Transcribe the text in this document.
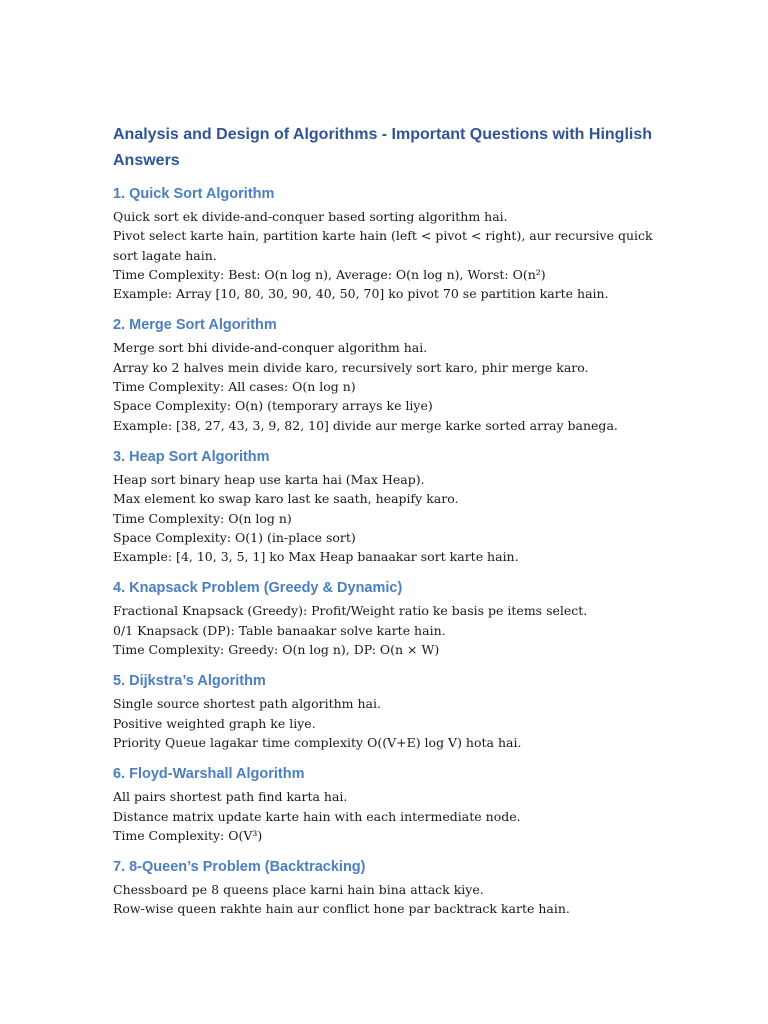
Analysis and Design of Algorithms - Important Questions with Hinglish Answers
1. Quick Sort Algorithm

Quick sort ek divide-and-conquer based sorting algorithm hai.

Pivot select karte hain, partition karte hain (left < pivot < right), aur recursive quick sort lagate hain.

Time Complexity: Best: O(n log n), Average: O(n log n), Worst: O(n²)

Example: Array [10, 80, 30, 90, 40, 50, 70] ko pivot 70 se partition karte hain.

2. Merge Sort Algorithm

Merge sort bhi divide-and-conquer algorithm hai.

Array ko 2 halves mein divide karo, recursively sort karo, phir merge karo.

Time Complexity: All cases: O(n log n)

Space Complexity: O(n) (temporary arrays ke liye)

Example: [38, 27, 43, 3, 9, 82, 10] divide aur merge karke sorted array banega.

3. Heap Sort Algorithm

Heap sort binary heap use karta hai (Max Heap).

Max element ko swap karo last ke saath, heapify karo.

Time Complexity: O(n log n)

Space Complexity: O(1) (in-place sort)

Example: [4, 10, 3, 5, 1] ko Max Heap banaakar sort karte hain.

4. Knapsack Problem (Greedy & Dynamic)

Fractional Knapsack (Greedy): Profit/Weight ratio ke basis pe items select.

0/1 Knapsack (DP): Table banaakar solve karte hain.

Time Complexity: Greedy: O(n log n), DP: O(n × W)

5. Dijkstra’s Algorithm

Single source shortest path algorithm hai.

Positive weighted graph ke liye.

Priority Queue lagakar time complexity O((V+E) log V) hota hai.

6. Floyd-Warshall Algorithm

All pairs shortest path find karta hai.

Distance matrix update karte hain with each intermediate node.

Time Complexity: O(V³)

7. 8-Queen’s Problem (Backtracking)

Chessboard pe 8 queens place karni hain bina attack kiye.

Row-wise queen rakhte hain aur conflict hone par backtrack karte hain.
